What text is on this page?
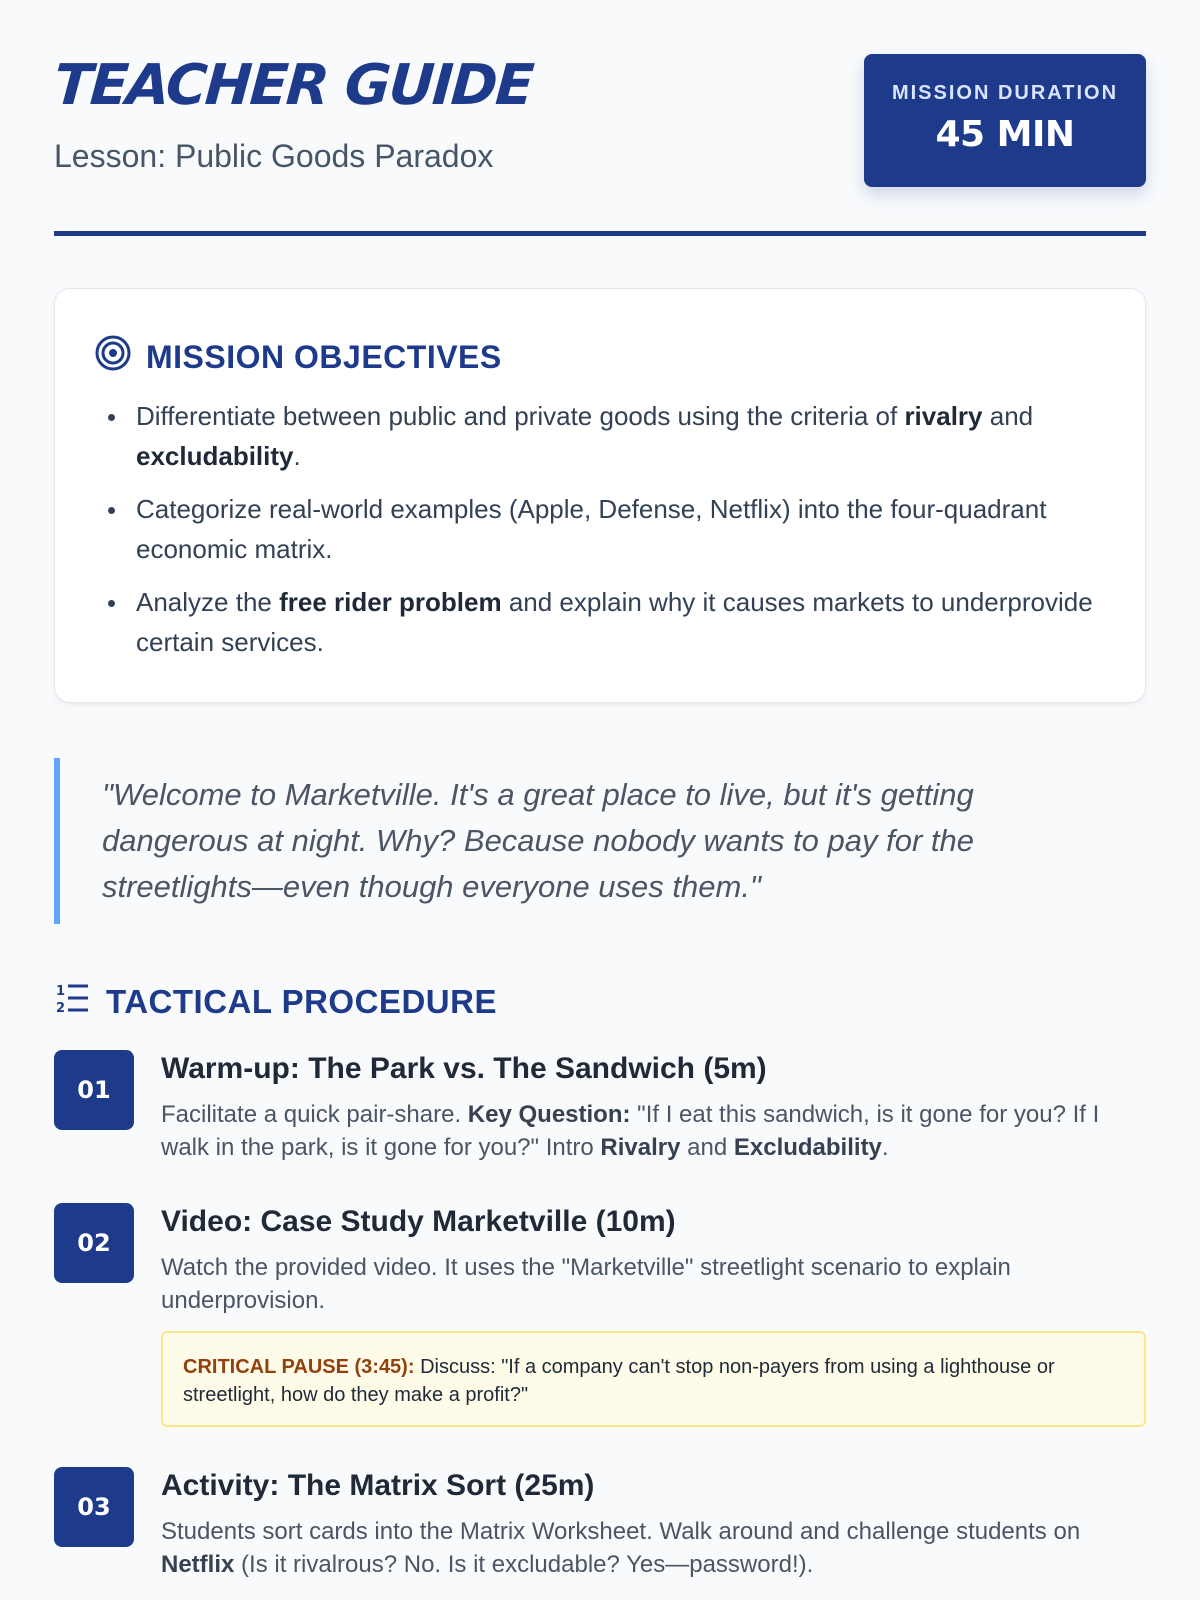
TEACHER GUIDE
Lesson: Public Goods Paradox
MISSION DURATION
45 MIN
MISSION OBJECTIVES
Differentiate between public and private goods using the criteria of rivalry and excludability.
Categorize real-world examples (Apple, Defense, Netflix) into the four-quadrant economic matrix.
Analyze the free rider problem and explain why it causes markets to underprovide certain services.
"Welcome to Marketville. It's a great place to live, but it's getting dangerous at night. Why? Because nobody wants to pay for the streetlights—even though everyone uses them."
1
2 TACTICAL PROCEDURE
01
Warm-up: The Park vs. The Sandwich (5m)
Facilitate a quick pair-share. Key Question: "If I eat this sandwich, is it gone for you? If I walk in the park, is it gone for you?" Intro Rivalry and Excludability.
02
Video: Case Study Marketville (10m)
Watch the provided video. It uses the "Marketville" streetlight scenario to explain underprovision.
CRITICAL PAUSE (3:45): Discuss: "If a company can't stop non-payers from using a lighthouse or streetlight, how do they make a profit?"
03
Activity: The Matrix Sort (25m)
Students sort cards into the Matrix Worksheet. Walk around and challenge students on Netflix (Is it rivalrous? No. Is it excludable? Yes—password!).
